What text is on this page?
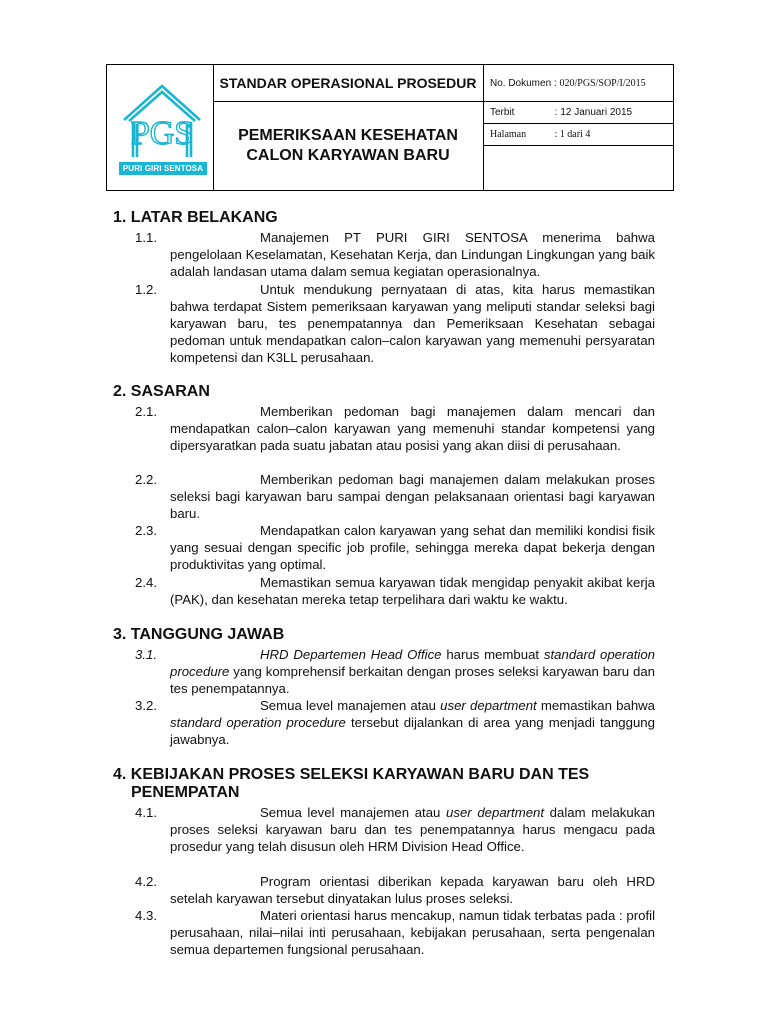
PGS
PURI GIRI SENTOSA
STANDAR OPERASIONAL PROSEDUR
PEMERIKSAAN KESEHATAN CALON KARYAWAN BARU
No. Dokumen : 020/PGS/SOP/I/2015
Terbit	: 12 Januari 2015
Halaman	: 1 dari 4
1. LATAR BELAKANG
1.1.	Manajemen PT PURI GIRI SENTOSA menerima bahwa pengelolaan Keselamatan, Kesehatan Kerja, dan Lindungan Lingkungan yang baik adalah landasan utama dalam semua kegiatan operasionalnya.
1.2.	Untuk mendukung pernyataan di atas, kita harus memastikan bahwa terdapat Sistem pemeriksaan karyawan yang meliputi standar seleksi bagi karyawan baru, tes penempatannya dan Pemeriksaan Kesehatan sebagai pedoman untuk mendapatkan calon–calon karyawan yang memenuhi persyaratan kompetensi dan K3LL perusahaan.
2. SASARAN
2.1.	Memberikan pedoman bagi manajemen dalam mencari dan mendapatkan calon–calon karyawan yang memenuhi standar kompetensi yang dipersyaratkan pada suatu jabatan atau posisi yang akan diisi di perusahaan.
2.2.	Memberikan pedoman bagi manajemen dalam melakukan proses seleksi bagi karyawan baru sampai dengan pelaksanaan orientasi bagi karyawan baru.
2.3.	Mendapatkan calon karyawan yang sehat dan memiliki kondisi fisik yang sesuai dengan specific job profile, sehingga mereka dapat bekerja dengan produktivitas yang optimal.
2.4.	Memastikan semua karyawan tidak mengidap penyakit akibat kerja (PAK), dan kesehatan mereka tetap terpelihara dari waktu ke waktu.
3. TANGGUNG JAWAB
3.1.	HRD Departemen Head Office harus membuat standard operation procedure yang komprehensif berkaitan dengan proses seleksi karyawan baru dan tes penempatannya.
3.2.	Semua level manajemen atau user department memastikan bahwa standard operation procedure tersebut dijalankan di area yang menjadi tanggung jawabnya.
4. KEBIJAKAN PROSES SELEKSI KARYAWAN BARU DAN TES
PENEMPATAN
4.1.	Semua level manajemen atau user department dalam melakukan proses seleksi karyawan baru dan tes penempatannya harus mengacu pada prosedur yang telah disusun oleh HRM Division Head Office.
4.2.	Program orientasi diberikan kepada karyawan baru oleh HRD setelah karyawan tersebut dinyatakan lulus proses seleksi.
4.3.	Materi orientasi harus mencakup, namun tidak terbatas pada : profil perusahaan, nilai–nilai inti perusahaan, kebijakan perusahaan, serta pengenalan semua departemen fungsional perusahaan.
